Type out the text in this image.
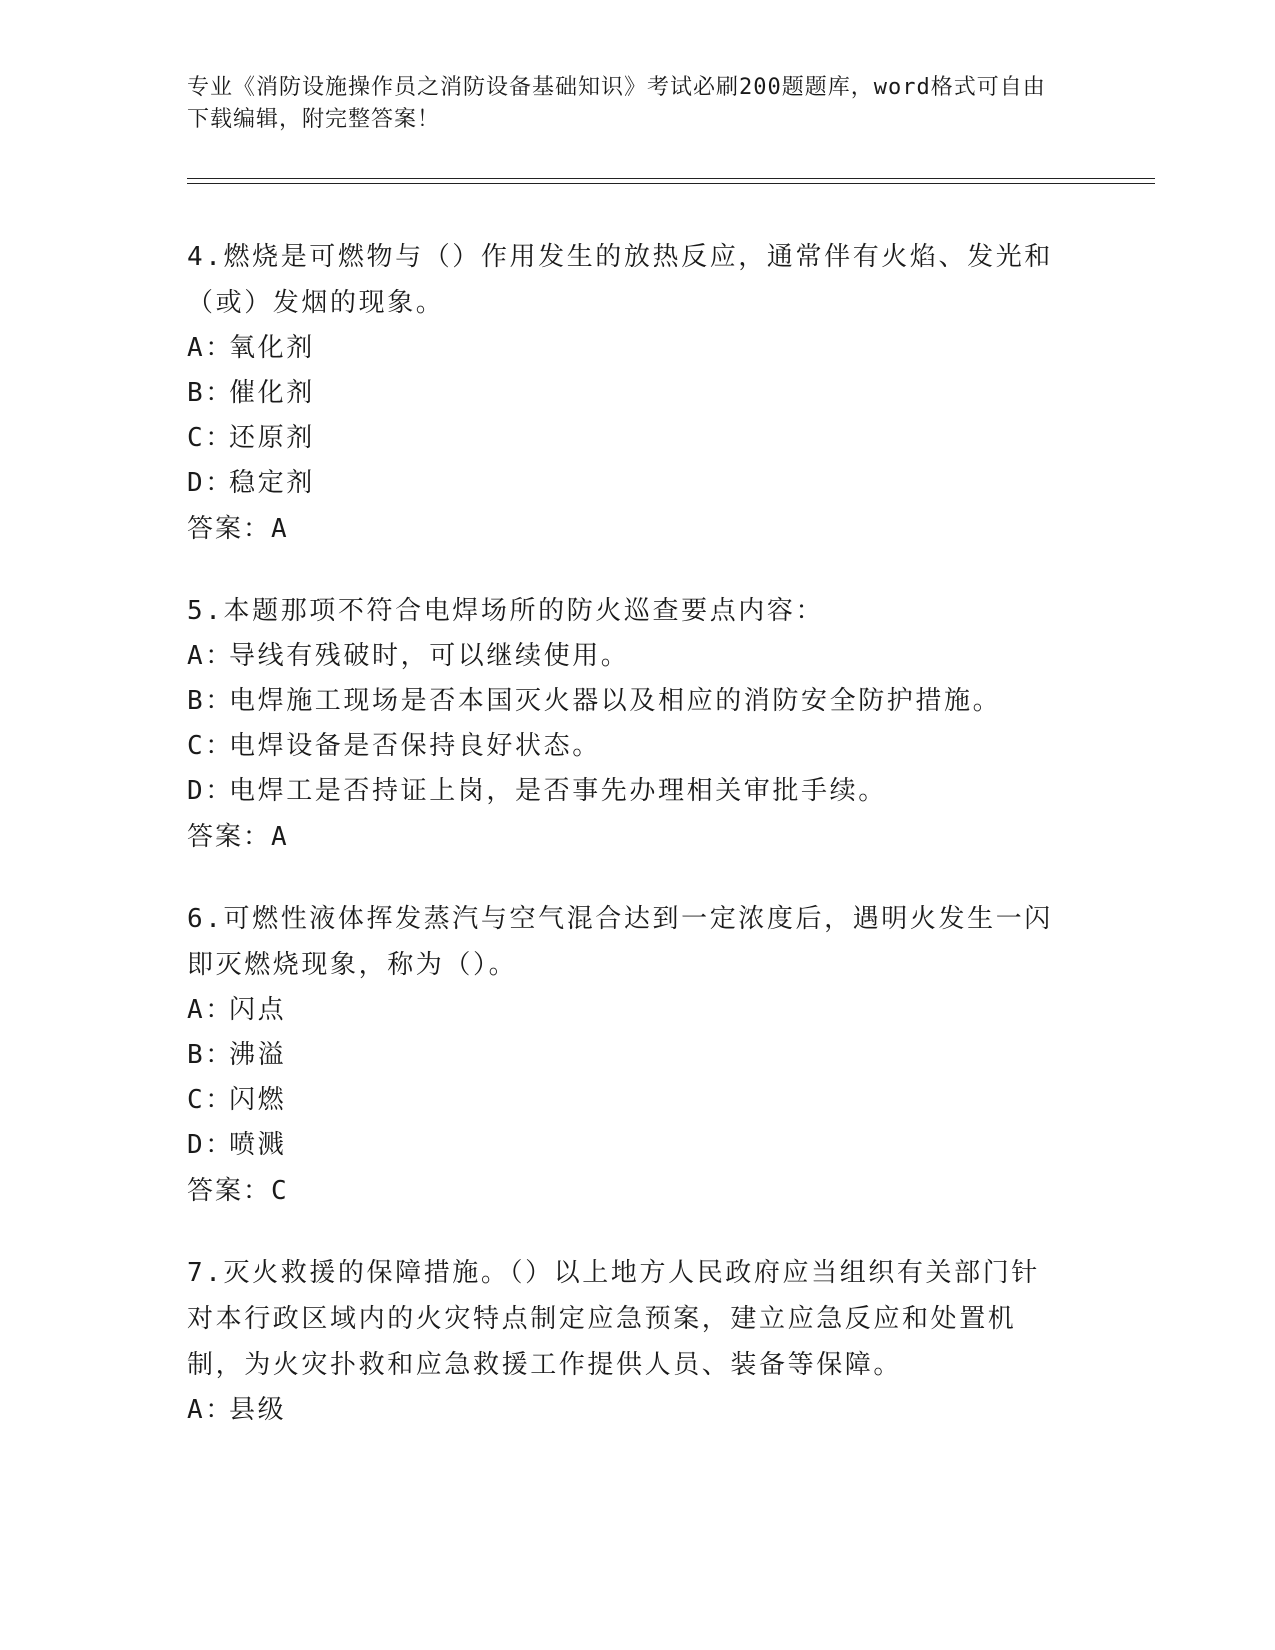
专业《消防设施操作员之消防设备基础知识》考试必刷200题题库，word格式可自由下载编辑，附完整答案！

4.燃烧是可燃物与（）作用发生的放热反应，通常伴有火焰、发光和（或）发烟的现象。

A：氧化剂

B：催化剂

C：还原剂

D：稳定剂

答案：A

5.本题那项不符合电焊场所的防火巡查要点内容：

A：导线有残破时，可以继续使用。

B：电焊施工现场是否本国灭火器以及相应的消防安全防护措施。

C：电焊设备是否保持良好状态。

D：电焊工是否持证上岗，是否事先办理相关审批手续。

答案：A

6.可燃性液体挥发蒸汽与空气混合达到一定浓度后，遇明火发生一闪即灭燃烧现象，称为（）。

A：闪点

B：沸溢

C：闪燃

D：喷溅

答案：C

7.灭火救援的保障措施。（）以上地方人民政府应当组织有关部门针对本行政区域内的火灾特点制定应急预案，建立应急反应和处置机制，为火灾扑救和应急救援工作提供人员、装备等保障。

A：县级
